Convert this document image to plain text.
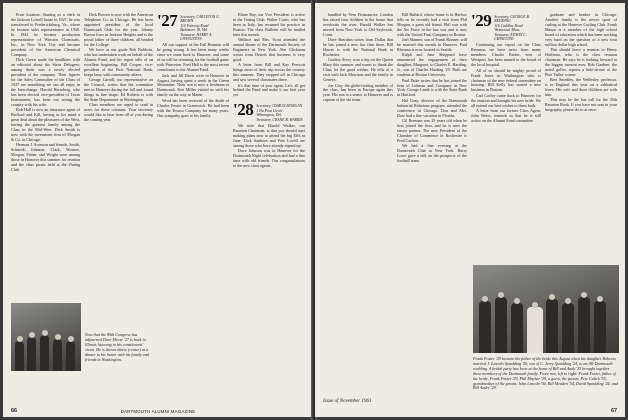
Frost location. Starting as a clerk in the Jackson Lowell house in 1927, he was transferred to Fredericksburg, Va., where he became sales representative in 1930. In 1942 he became production representative of Winston Chemicals, Inc., in New York City and became president of the American Chemical Company.

Dick Green made the headlines with an editorial about the Sieur Delugees; among them was a newly elected president of the company. Their figures for the Sales Committee of the Class of 1927 are something we can all enjoy in the Interchange. Harold Hertzberg, who has been elected vice-president of Texas Instruments, has been out seeing the country with his wife.

Bob Hall is now an insurance agent of Bedford and Kill, having in his mind a great deal about the pleasures of the West, having the greatest family among the Class in the Mid-West. Dick Smith is now with the investment firm of Morgan & Co. in Chicago.

Herman J. Aronson and friends, Smith, Schmidt, Johnson, Clark, Monroe, Morgan, Fisher, and Wright were among those in Hanover this summer for reunion and the class picnic held at the Outing Club.

Dick Bowen is now with the American Telephone Co. in Chicago. He has been appointed president of the local Dartmouth Club for the year. Johnny Brown lives in Jackson Heights and is the proud father of three children, all headed for the College.

We have as our guide Bob Baldwin, who has undertaken work on behalf of the Alumni Fund, and his report tells of an excellent beginning. Bill Cooper, vice-president of the First National Bank, keeps busy with community affairs.

George Carroll, our representative on the Council, writes that the committee met in Hanover during the fall and found things in fine shape. Ed Roberts is with the State Department in Washington.

Class members are urged to send in news for these columns. Your secretary would like to hear from all of you during the coming year.

'27 Secretary, CARLETON G. BROWN
110 Fairway Road
Baltimore 18, Md.
Treasurer, HARRY A. LIVINGSTON

All our support of the Fall Reunion will be going strong. It has been many weeks since we came back to Hanover, and some of us will be returning for the football game with Princeton. Fred Hall is the most recent contributor to the Alumni Fund.

Jack and Jill Davis were in Hanover in August, having spent a week in the Green Mountains. Their son is now a freshman at Dartmouth. Ken Miller visited us with his family on the way to Maine.

Word has been received of the death of Charles Foster in Greenwich. He had been with the Texaco Company for many years. Our sympathy goes to his family.

Elmer Ray, our Vice President, is active in the Outing Club. Walter Curtis, who has been in Italy, has resumed his practice in Boston. The class Bulletin will be mailed later this month.

Wallace and Mrs. Scott attended the annual dinner of the Dartmouth Society of Engineers in New York. Abe Glickman writes from Detroit that business is very good.

A letter from Bill and Kay Prescott brings news of their trip across the country this summer. They stopped off in Chicago and saw several classmates there.

It's that time of year again. Let's all get behind the Fund and make it our best year yet.

'28 Secretary, OSMUN MORGAN
1 Du Pont Circle
Wilmington, Del.
Treasurer, CRANE B. HARRIS

We note that Harold Walker, our Reunion Chairman, is that you should start making plans now to attend the big 35th in June. Dick Sanborn and Pete Lovell are among those who have already signed up.

Dave Johnson was in Hanover for the Dartmouth Night celebration and had a fine time with old friends. Our congratulations to the new class agents.

Now that the 85th Congress has adjourned Dave Morse '27 is back in Illinois listening to his constituents' views. He is shown above (center) at a dinner in his honor with his family and friends in Washington.
66	DARTMOUTH ALUMNI MAGAZINE

handled by Vern Fitzmaurice, London has raised four children in the house that overlooks the river. Harold Walker has moved from New York to Old Saybrook, Conn.

Dave Sheridan writes from Dallas that he has joined a new law firm there. Bill Hawes is with the National Bank in Rochester.

Gordon Avery won a trip on the Queen Mary this summer and wants to thank the Class for the good wishes. He tells of a visit with Jack Morrison and the family in Geneva.

Joe Clay, the globe-trotting member of the class, has been in Europe again this year. His son is a senior at Hanover and is captain of the ski team.

Bill Bullard, whose home is in Harbor, tells us he recently had a visit from Phil Morgan, a great old friend. Phil was with the Air Force in the last war and is now with the United Fruit Company in Boston.

Joel Skinner, son of Frank Skinner, will be married this month in Hanover. Paul Rheuma is now located in Seattle.

Ralph and Jane Sheppard have announced the engagement of their daughter, Margaret, to Charles E. Harding, Jr., son of Charles Harding '29. Both are students at Boston University.

Paul Duke writes that he has joined the firm of Lehman and Company in New York. George Lamb is with the State Bank in Hartford.

Hal Gray, director of the Dartmouth Industrial Relations program, attended the conference in Chicago. Don and Mrs. Dow had a fine vacation in Florida.

Gil Brennan was 25 years old when he first joined the firm, and he is now the senior partner. The new President of the Chamber of Commerce in Rochester is Fred Carlton.

We had a fine evening at the Dartmouth Club in New York. Harry Lowe gave a talk on the prospects of the football team.

'29 Secretary, GEORGE B. REDDING
116 Cadillac Road
Westwood, Mass.
Treasurer, EDWIN C. CHINLUND

Continuing our report on the Class Reunion, we have news from many members. Charlie Parker, now of Westport, has been named to the board of the local hospital.

All of us should be mighty proud of Frank Jones in Washington who is chairman of the new federal committee on housing. Bill Kelly has started a new business in Boston.

Carl Coffey came back to Hanover for the reunion and brought his new bride. We all extend our best wishes to them both.

A letter from our former Class Agent, John Weiss, reminds us that he is still active on the Alumni Fund committee.

graduate and banker in Chicago. Another family is the newer sport of curling at the Hanover Curling Club. Frank Mason is a member of the high school board of education which has been working very hard on the question of a new four million dollar high school.

This should leave a reunion to Henry Hoffman, who is the class reunion chairman. He says he is looking forward to the biggest turnout ever. Bob Gardner, the noted golfer, reports a hole-in-one at the Pine Valley course.

Bert Smedley, the Wellesley professor, is in England this year on a sabbatical leave. His wife and three children are with him.

This may be the last call for the 35th Reunion Book. If you have not sent in your biography, please do so at once.

Frank Foster '29 became the father of the bride this August when his daughter Roberta married J. Lincoln Spaulding '56, son of C. Jerry Spaulding '24, in an All-Dartmouth wedding. A bridal party has been at the home of Bill and Andy '29 brought together these members of the Dartmouth family. Front row, left to right: Frank Foster, father of the bride, Frank Foster '29, Phil Mayher '29, a guest, the groom, Pete Gulick '55, grandmother of the groom, John Lincoln '04, Bill Meaden '54, David Spaulding '24, and Bill Andre '29.
Issue of November 1961
67
